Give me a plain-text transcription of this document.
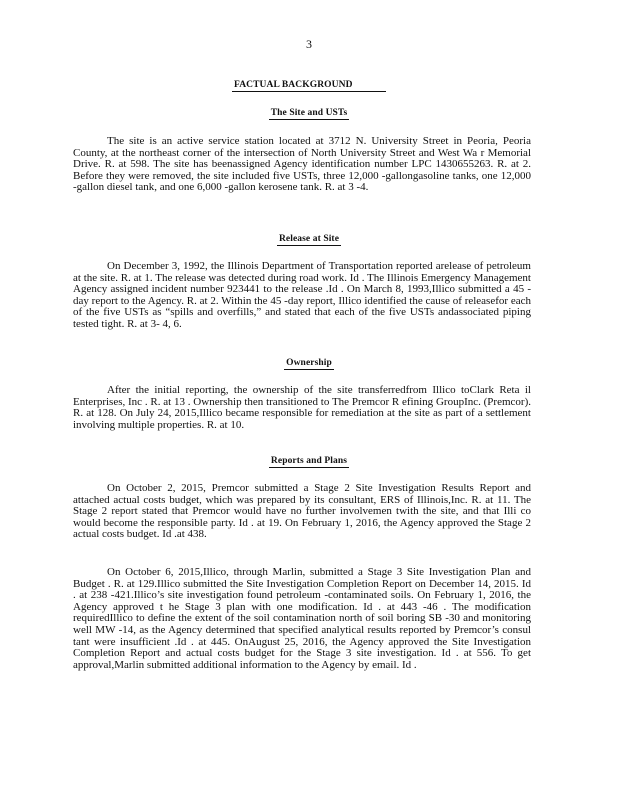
3
FACTUAL BACKGROUND
The Site and USTs

The site is an active service station located at 3712 N. University Street in Peoria, Peoria County, at the northeast corner of the intersection of North University Street and West Wa r Memorial Drive. R. at 598. The site has beenassigned Agency identification number LPC 1430655263. R. at 2. Before they were removed, the site included five USTs, three 12,000 -gallongasoline tanks, one 12,000 -gallon diesel tank, and one 6,000 -gallon kerosene tank. R. at 3 -4.

Release at Site

On December 3, 1992, the Illinois Department of Transportation reported arelease of petroleum at the site. R. at 1. The release was detected during road work. Id . The Illinois Emergency Management Agency assigned incident number 923441 to the release .Id . On March 8, 1993,Illico submitted a 45 -day report to the Agency. R. at 2. Within the 45 -day report, Illico identified the cause of releasefor each of the five USTs as “spills and overfills,” and stated that each of the five USTs andassociated piping tested tight. R. at 3- 4, 6.

Ownership

After the initial reporting, the ownership of the site transferredfrom Illico toClark Reta il Enterprises, Inc . R. at 13 . Ownership then transitioned to The Premcor R efining GroupInc. (Premcor). R. at 128. On July 24, 2015,Illico became responsible for remediation at the site as part of a settlement involving multiple properties. R. at 10.

Reports and Plans

On October 2, 2015, Premcor submitted a Stage 2 Site Investigation Results Report and attached actual costs budget, which was prepared by its consultant, ERS of Illinois,Inc. R. at 11. The Stage 2 report stated that Premcor would have no further involvemen twith the site, and that Illi co would become the responsible party. Id . at 19. On February 1, 2016, the Agency approved the Stage 2 actual costs budget. Id .at 438.

On October 6, 2015,Illico, through Marlin, submitted a Stage 3 Site Investigation Plan and Budget . R. at 129.Illico submitted the Site Investigation Completion Report on December 14, 2015. Id . at 238 -421.Illico’s site investigation found petroleum -contaminated soils. On February 1, 2016, the Agency approved t he Stage 3 plan with one modification. Id . at 443 -46 . The modification requiredIllico to define the extent of the soil contamination north of soil boring SB -30 and monitoring well MW -14, as the Agency determined that specified analytical results reported by Premcor’s consul tant were insufficient .Id . at 445. OnAugust 25, 2016, the Agency approved the Site Investigation Completion Report and actual costs budget for the Stage 3 site investigation. Id . at 556. To get approval,Marlin submitted additional information to the Agency by email. Id .
